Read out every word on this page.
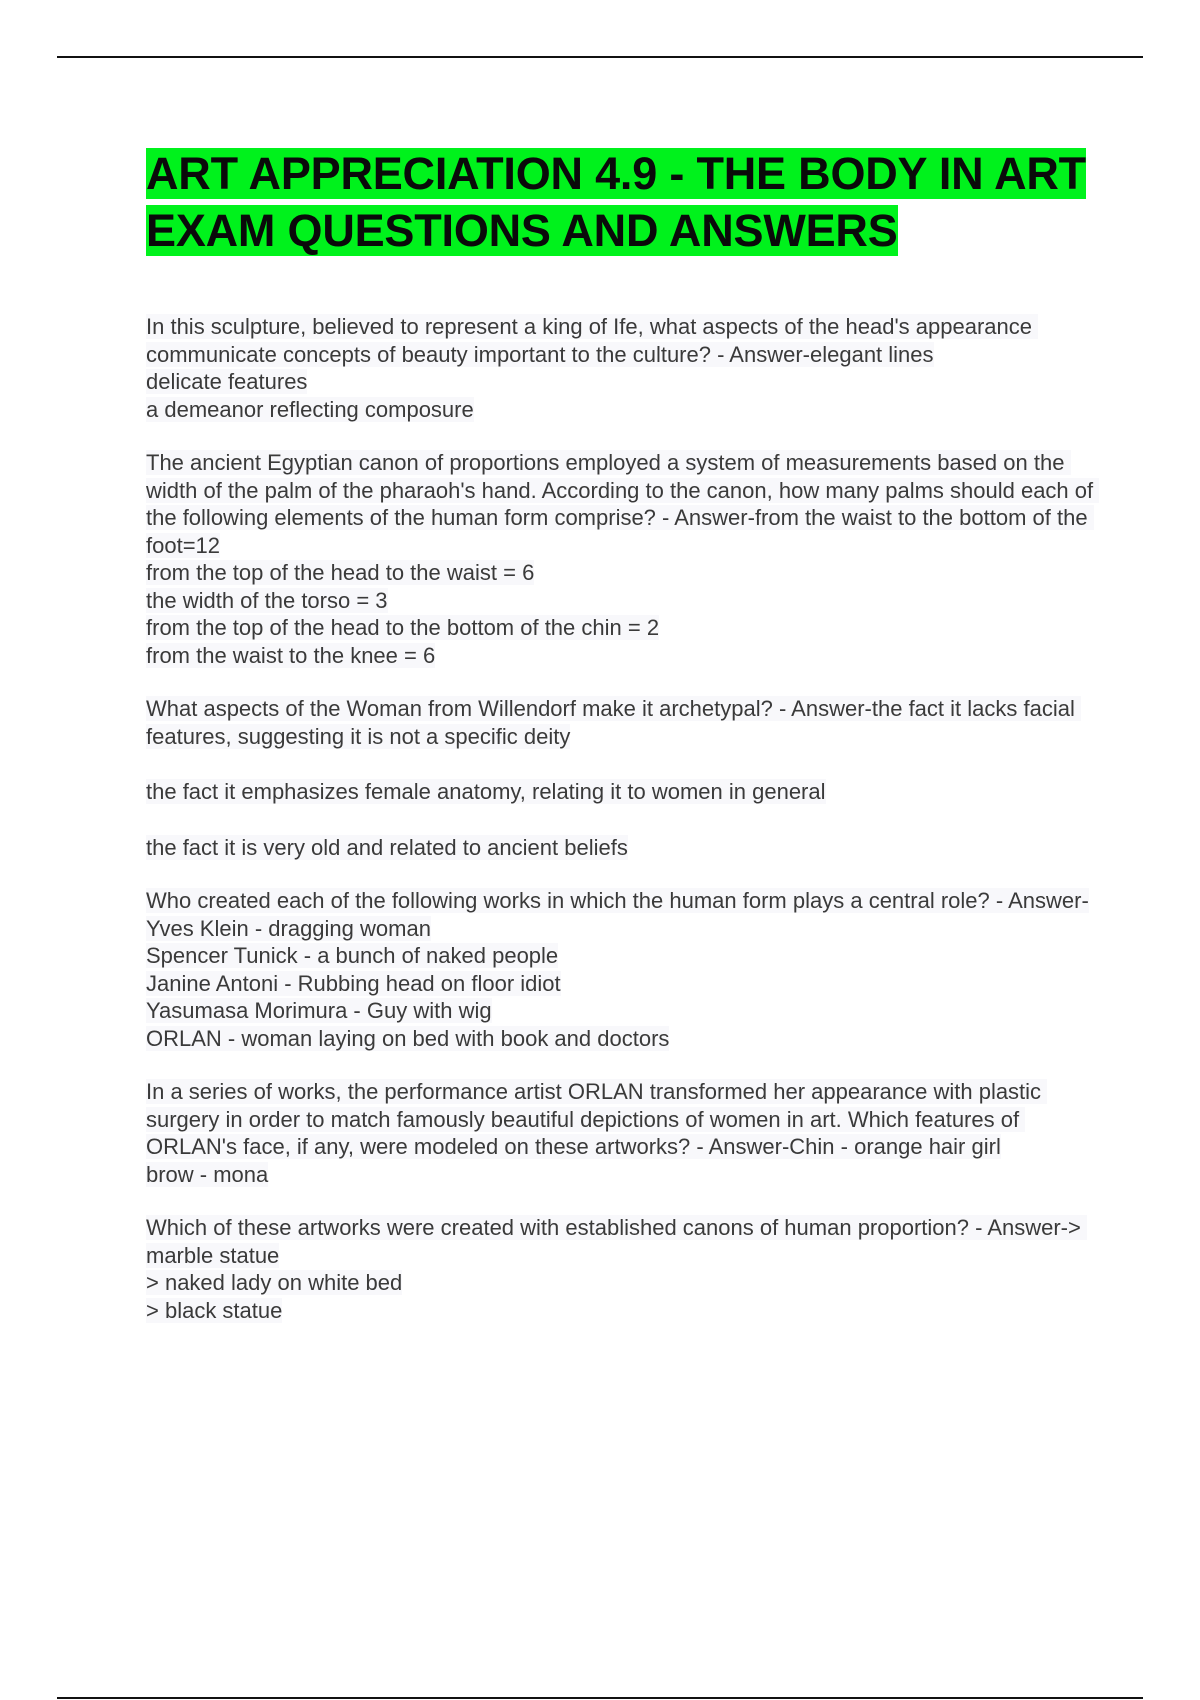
ART APPRECIATION 4.9 - THE BODY IN ART EXAM QUESTIONS AND ANSWERS
In this sculpture, believed to represent a king of Ife, what aspects of the head's appearance communicate concepts of beauty important to the culture? - Answer-elegant lines
delicate features
a demeanor reflecting composure
The ancient Egyptian canon of proportions employed a system of measurements based on the width of the palm of the pharaoh's hand. According to the canon, how many palms should each of the following elements of the human form comprise? - Answer-from the waist to the bottom of the foot=12
from the top of the head to the waist = 6
the width of the torso = 3
from the top of the head to the bottom of the chin = 2
from the waist to the knee = 6
What aspects of the Woman from Willendorf make it archetypal? - Answer-the fact it lacks facial features, suggesting it is not a specific deity
the fact it emphasizes female anatomy, relating it to women in general
the fact it is very old and related to ancient beliefs
Who created each of the following works in which the human form plays a central role? - Answer-Yves Klein - dragging woman
Spencer Tunick - a bunch of naked people
Janine Antoni - Rubbing head on floor idiot
Yasumasa Morimura - Guy with wig
ORLAN - woman laying on bed with book and doctors
In a series of works, the performance artist ORLAN transformed her appearance with plastic surgery in order to match famously beautiful depictions of women in art. Which features of ORLAN's face, if any, were modeled on these artworks? - Answer-Chin - orange hair girl
brow - mona
Which of these artworks were created with established canons of human proportion? - Answer-> marble statue
> naked lady on white bed
> black statue
